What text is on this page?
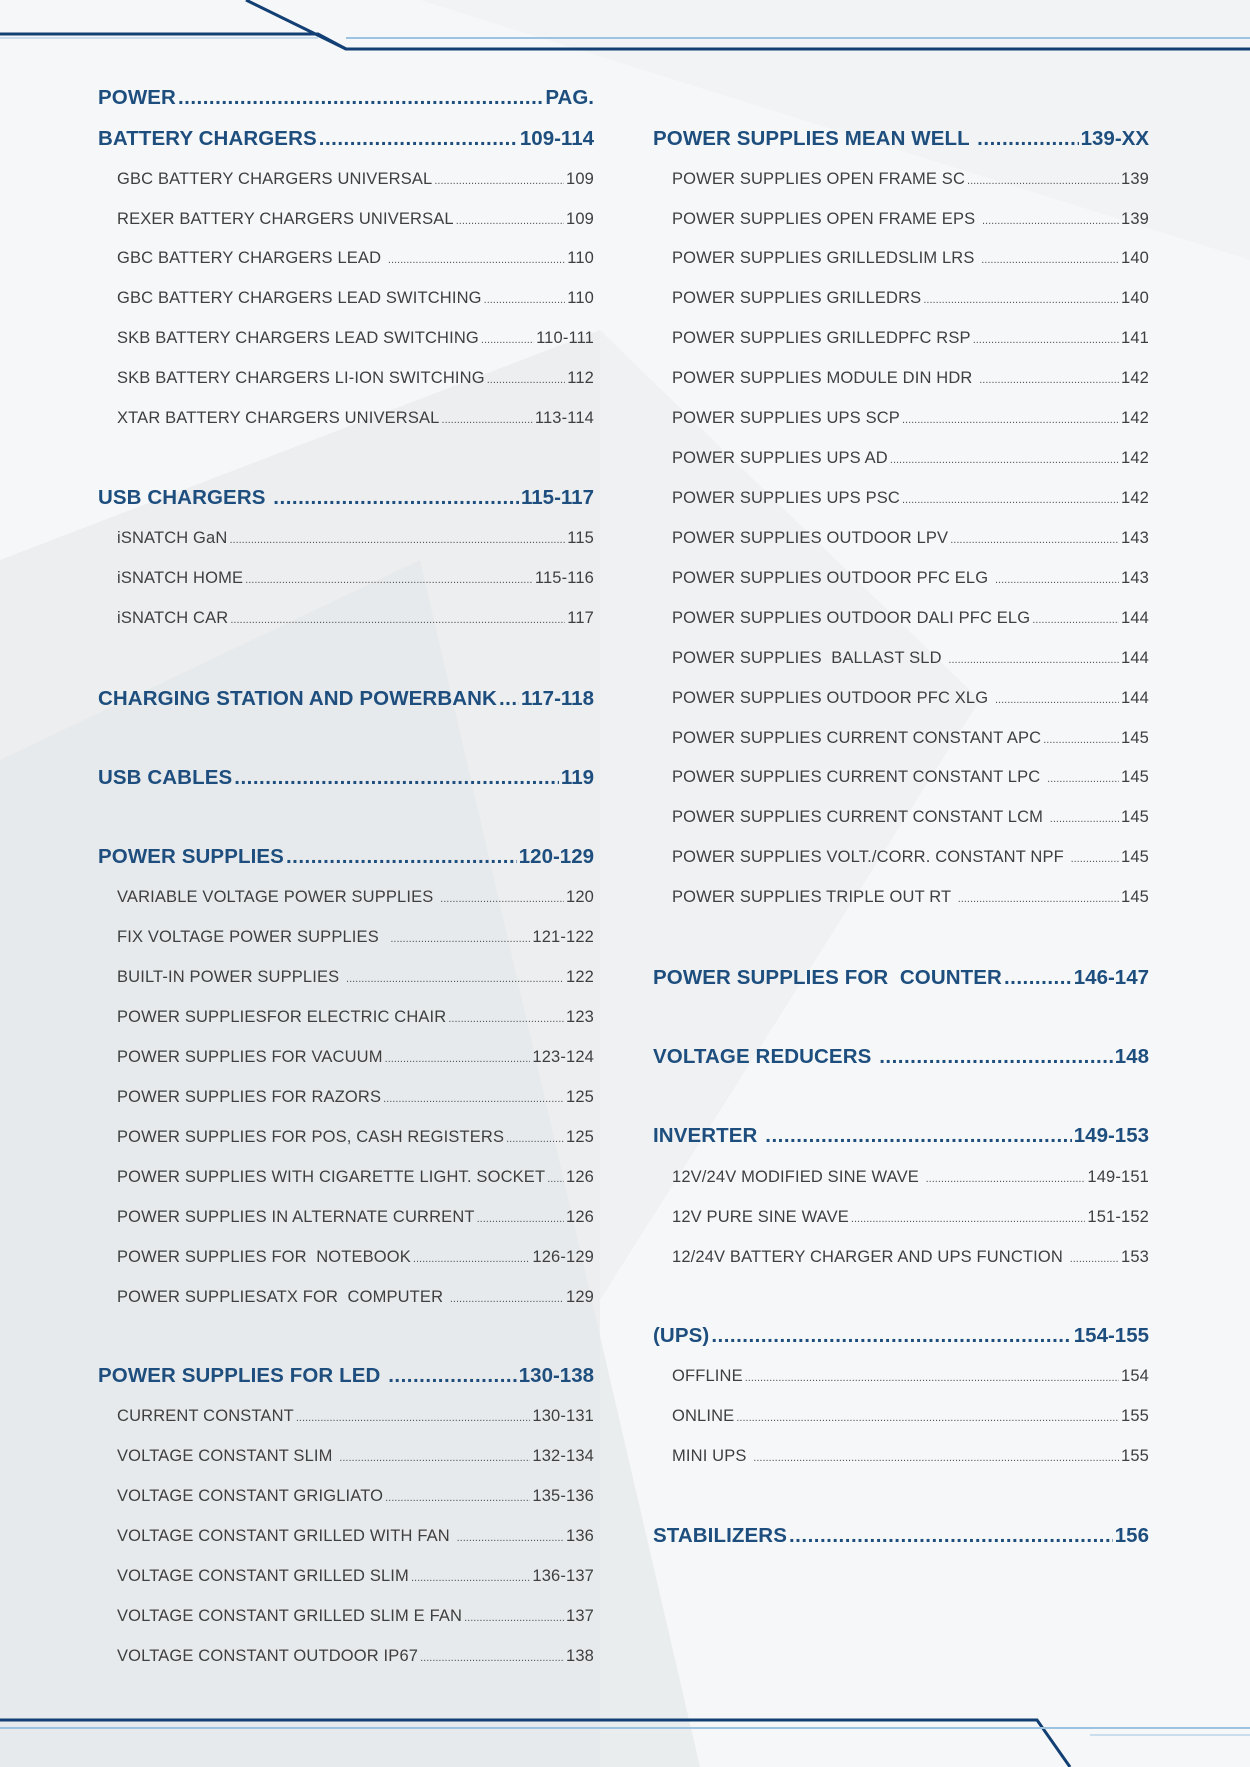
POWER .....	PAG.
BATTERY CHARGERS .....	109-114
GBC BATTERY CHARGERS UNIVERSAL .....	109
REXER BATTERY CHARGERS UNIVERSAL .....	109
GBC BATTERY CHARGERS LEAD .....	110
GBC BATTERY CHARGERS LEAD SWITCHING .....	110
SKB BATTERY CHARGERS LEAD SWITCHING .....	110-111
SKB BATTERY CHARGERS LI-ION SWITCHING .....	112
XTAR BATTERY CHARGERS UNIVERSAL .....	113-114
USB CHARGERS .....	115-117
iSNATCH GaN .....	115
iSNATCH HOME .....	115-116
iSNATCH CAR .....	117
CHARGING STATION AND POWERBANK ..... 117-118
USB CABLES .....	119
POWER SUPPLIES .....	120-129
VARIABLE VOLTAGE POWER SUPPLIES .....	120
FIX VOLTAGE POWER SUPPLIES .....	121-122
BUILT-IN POWER SUPPLIES .....	122
POWER SUPPLIESFOR ELECTRIC CHAIR .....	123
POWER SUPPLIES FOR VACUUM .....	123-124
POWER SUPPLIES FOR RAZORS .....	125
POWER SUPPLIES FOR POS, CASH REGISTERS .....	125
POWER SUPPLIES WITH CIGARETTE LIGHT. SOCKET ..... 126
POWER SUPPLIES IN ALTERNATE CURRENT .....	126
POWER SUPPLIES FOR  NOTEBOOK .....	126-129
POWER SUPPLIESATX FOR  COMPUTER .....	129
POWER SUPPLIES FOR LED .....	130-138
CURRENT CONSTANT .....	130-131
VOLTAGE CONSTANT SLIM .....	132-134
VOLTAGE CONSTANT GRIGLIATO .....	135-136
VOLTAGE CONSTANT GRILLED WITH FAN .....	136
VOLTAGE CONSTANT GRILLED SLIM .....	136-137
VOLTAGE CONSTANT GRILLED SLIM E FAN .....	137
VOLTAGE CONSTANT OUTDOOR IP67 .....	138
POWER SUPPLIES MEAN WELL .....	139-XX
POWER SUPPLIES OPEN FRAME SC .....	139
POWER SUPPLIES OPEN FRAME EPS .....	139
POWER SUPPLIES GRILLEDSLIM LRS .....	140
POWER SUPPLIES GRILLEDRS .....	140
POWER SUPPLIES GRILLEDPFC RSP .....	141
POWER SUPPLIES MODULE DIN HDR .....	142
POWER SUPPLIES UPS SCP .....	142
POWER SUPPLIES UPS AD .....	142
POWER SUPPLIES UPS PSC .....	142
POWER SUPPLIES OUTDOOR LPV .....	143
POWER SUPPLIES OUTDOOR PFC ELG .....	143
POWER SUPPLIES OUTDOOR DALI PFC ELG .....	144
POWER SUPPLIES  BALLAST SLD .....	144
POWER SUPPLIES OUTDOOR PFC XLG .....	144
POWER SUPPLIES CURRENT CONSTANT APC .....	145
POWER SUPPLIES CURRENT CONSTANT LPC .....	145
POWER SUPPLIES CURRENT CONSTANT LCM .....	145
POWER SUPPLIES VOLT./CORR. CONSTANT NPF .....	145
POWER SUPPLIES TRIPLE OUT RT .....	145
POWER SUPPLIES FOR  COUNTER .....	146-147
VOLTAGE REDUCERS .....	148
INVERTER .....	149-153
12V/24V MODIFIED SINE WAVE .....	149-151
12V PURE SINE WAVE .....	151-152
12/24V BATTERY CHARGER AND UPS FUNCTION .....	153
(UPS) .....	154-155
OFFLINE .....	154
ONLINE .....	155
MINI UPS .....	155
STABILIZERS .....	156
